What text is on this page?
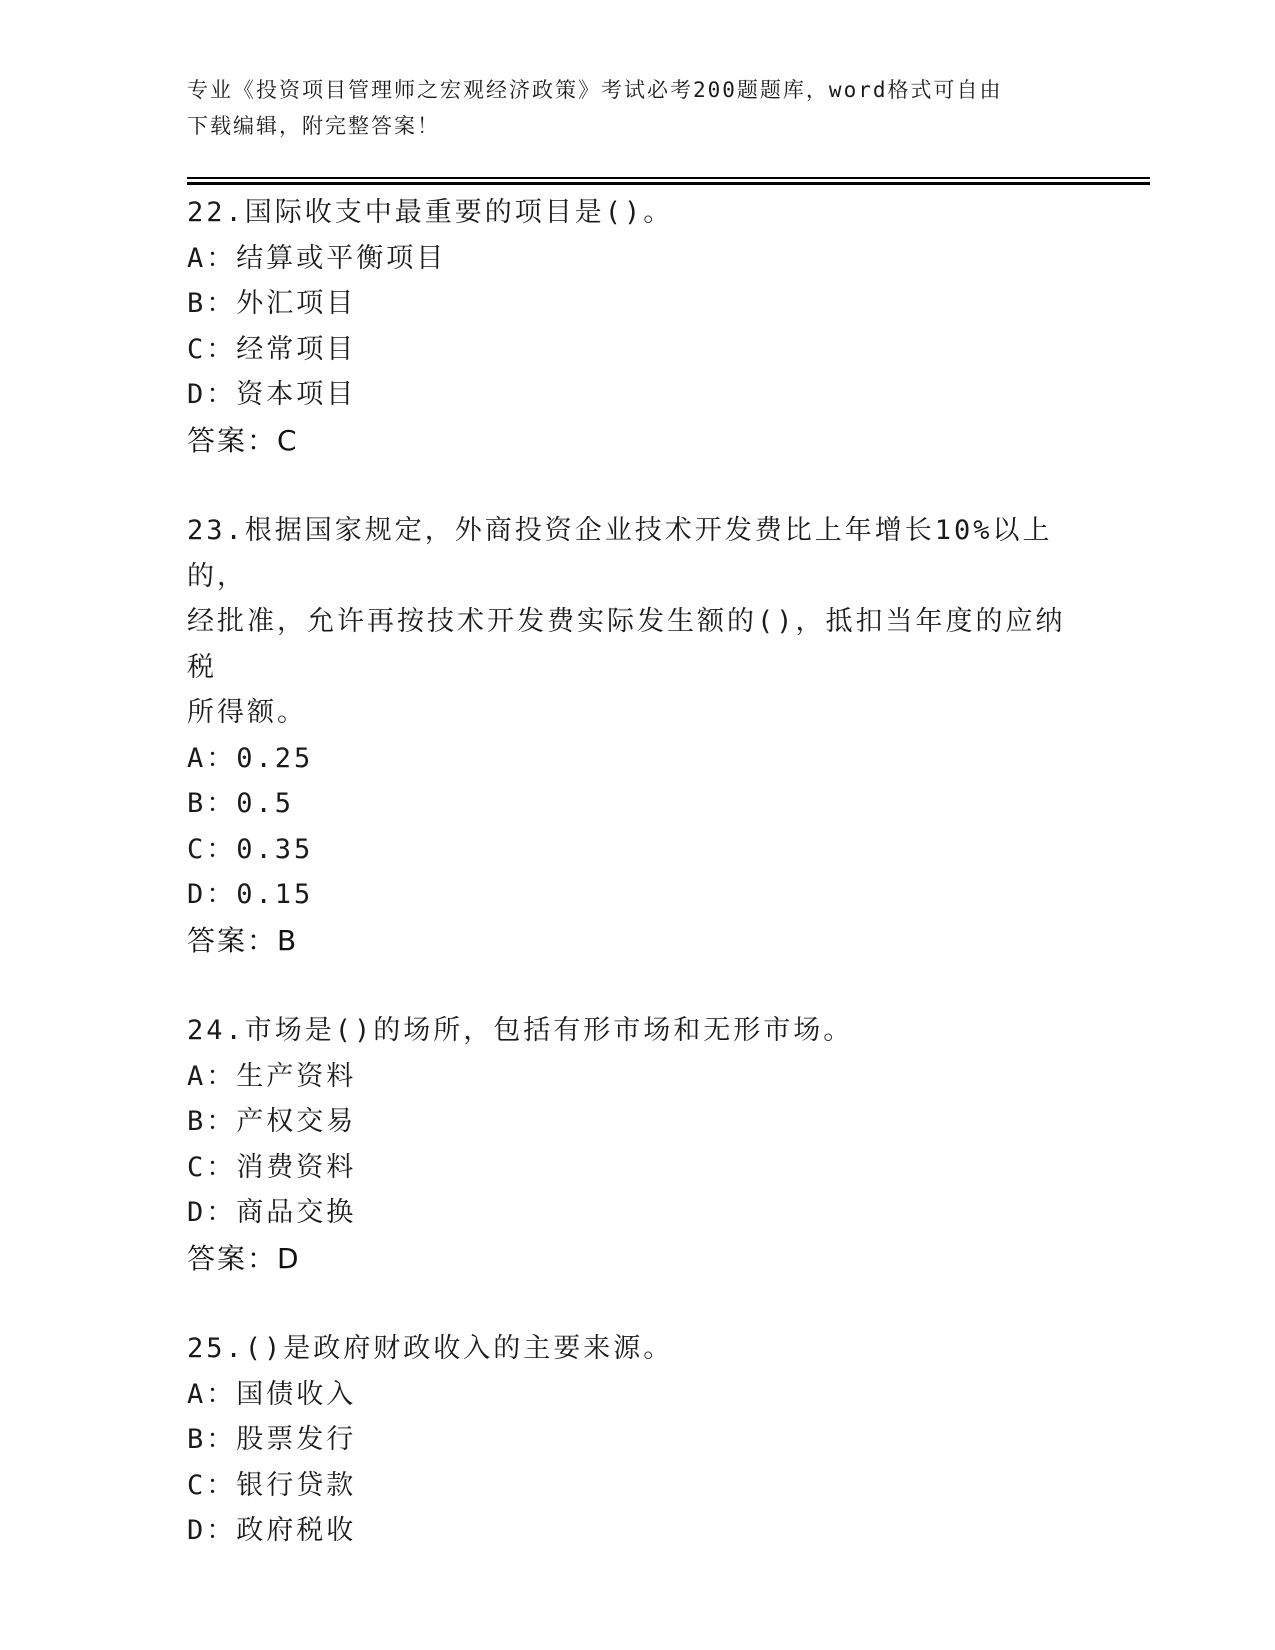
专业《投资项目管理师之宏观经济政策》考试必考200题题库，word格式可自由
下载编辑，附完整答案！
22.国际收支中最重要的项目是()。
A：结算或平衡项目
B：外汇项目
C：经常项目
D：资本项目
答案：C
23.根据国家规定，外商投资企业技术开发费比上年增长10%以上的，
经批准，允许再按技术开发费实际发生额的()，抵扣当年度的应纳税
所得额。
A：0.25
B：0.5
C：0.35
D：0.15
答案：B
24.市场是()的场所，包括有形市场和无形市场。
A：生产资料
B：产权交易
C：消费资料
D：商品交换
答案：D
25.()是政府财政收入的主要来源。
A：国债收入
B：股票发行
C：银行贷款
D：政府税收
